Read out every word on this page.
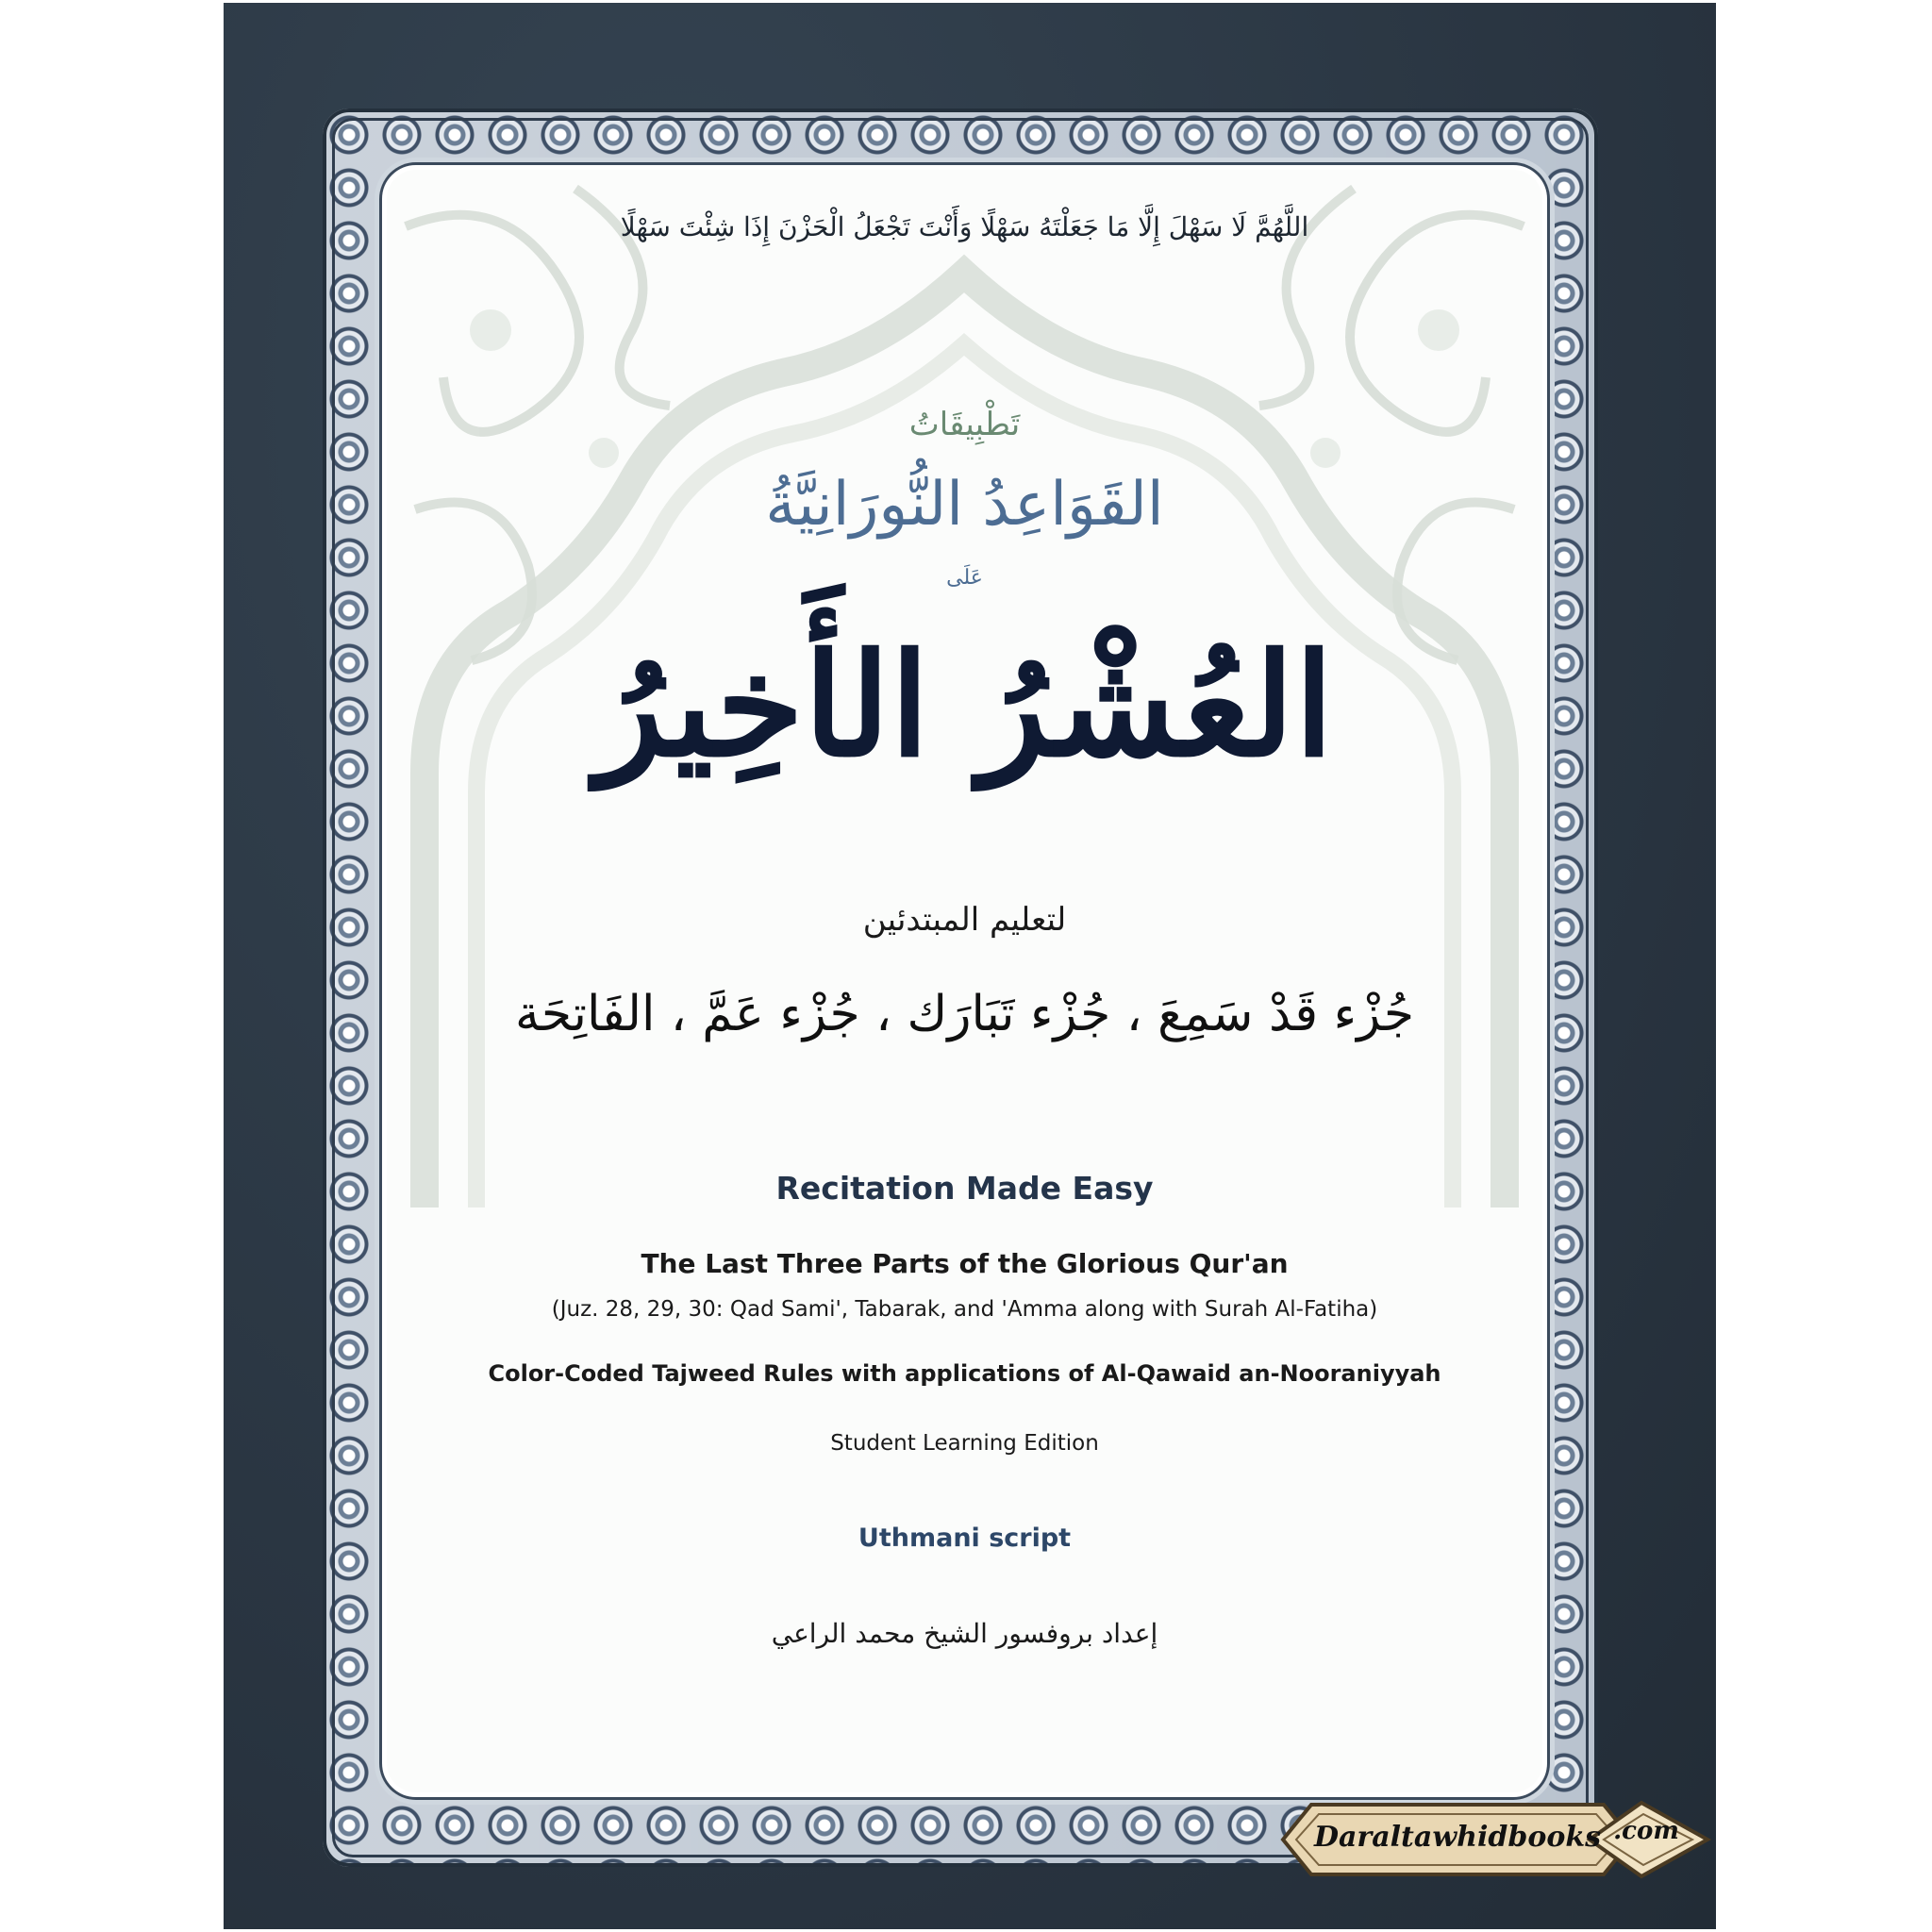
اللَّهُمَّ لَا سَهْلَ إِلَّا مَا جَعَلْتَهُ سَهْلًا وَأَنْتَ تَجْعَلُ الْحَزْنَ إِذَا شِئْتَ سَهْلًا
تَطْبِيقَاتُ
القَوَاعِدُ النُّورَانِيَّةُ
عَلَى
العُشْرُ الأَخِيرُ
لتعليم المبتدئين
جُزْء قَدْ سَمِعَ ، جُزْء تَبَارَك ، جُزْء عَمَّ ، الفَاتِحَة
Recitation Made Easy
The Last Three Parts of the Glorious Qur'an
(Juz. 28, 29, 30: Qad Sami', Tabarak, and 'Amma along with Surah Al-Fatiha)
Color-Coded Tajweed Rules with applications of Al-Qawaid an-Nooraniyyah
Student Learning Edition
Uthmani script
إعداد بروفسور الشيخ محمد الراعي
Daraltawhidbooks .com
